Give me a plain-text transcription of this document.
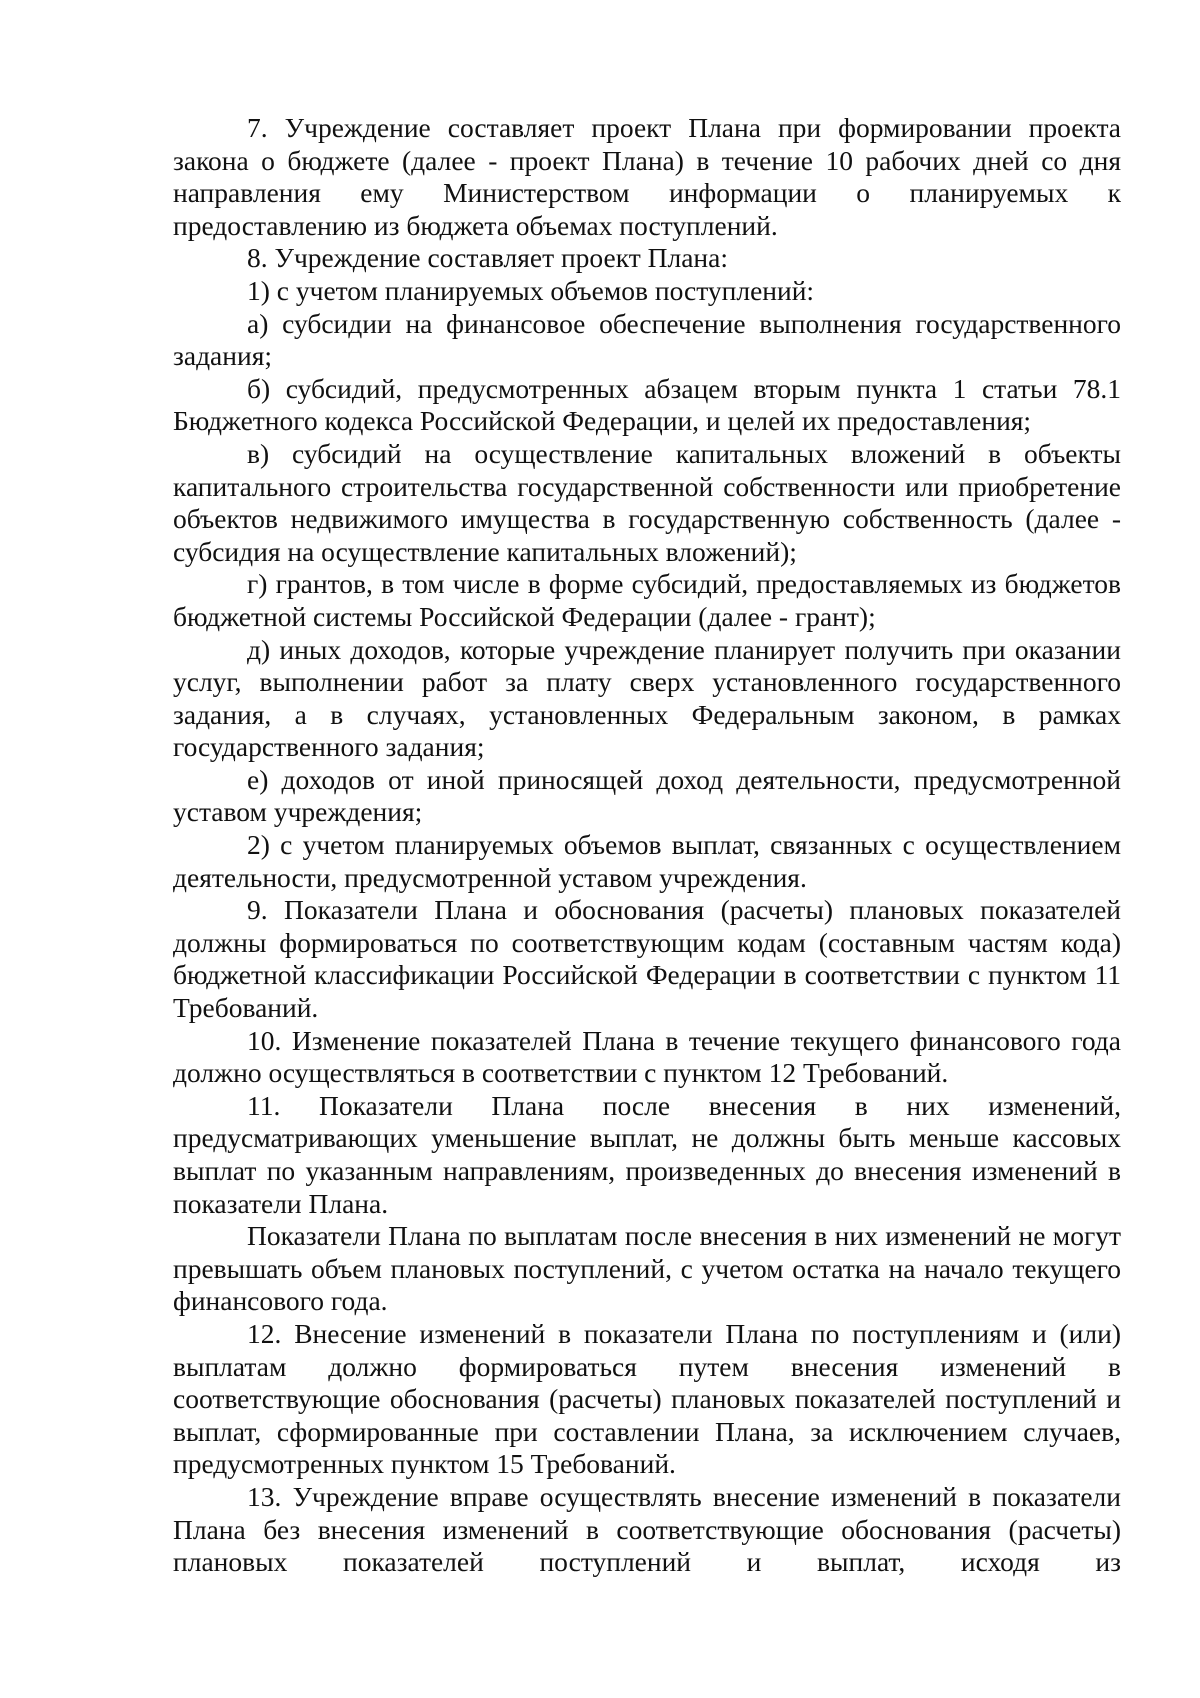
7. Учреждение составляет проект Плана при формировании проекта закона о бюджете (далее - проект Плана) в течение 10 рабочих дней со дня направления ему Министерством информации о планируемых к предоставлению из бюджета объемах поступлений.

8. Учреждение составляет проект Плана:

1) с учетом планируемых объемов поступлений:

а) субсидии на финансовое обеспечение выполнения государственного задания;

б) субсидий, предусмотренных абзацем вторым пункта 1 статьи 78.1 Бюджетного кодекса Российской Федерации, и целей их предоставления;

в) субсидий на осуществление капитальных вложений в объекты капитального строительства государственной собственности или приобретение объектов недвижимого имущества в государственную собственность (далее - субсидия на осуществление капитальных вложений);

г) грантов, в том числе в форме субсидий, предоставляемых из бюджетов бюджетной системы Российской Федерации (далее - грант);

д) иных доходов, которые учреждение планирует получить при оказании услуг, выполнении работ за плату сверх установленного государственного задания, а в случаях, установленных Федеральным законом, в рамках государственного задания;

е) доходов от иной приносящей доход деятельности, предусмотренной уставом учреждения;

2) с учетом планируемых объемов выплат, связанных с осуществлением деятельности, предусмотренной уставом учреждения.

9. Показатели Плана и обоснования (расчеты) плановых показателей должны формироваться по соответствующим кодам (составным частям кода) бюджетной классификации Российской Федерации в соответствии с пунктом 11 Требований.

10. Изменение показателей Плана в течение текущего финансового года должно осуществляться в соответствии с пунктом 12 Требований.

11. Показатели Плана после внесения в них изменений, предусматривающих уменьшение выплат, не должны быть меньше кассовых выплат по указанным направлениям, произведенных до внесения изменений в показатели Плана.

Показатели Плана по выплатам после внесения в них изменений не могут превышать объем плановых поступлений, с учетом остатка на начало текущего финансового года.

12. Внесение изменений в показатели Плана по поступлениям и (или) выплатам должно формироваться путем внесения изменений в соответствующие обоснования (расчеты) плановых показателей поступлений и выплат, сформированные при составлении Плана, за исключением случаев, предусмотренных пунктом 15 Требований.

13. Учреждение вправе осуществлять внесение изменений в показатели Плана без внесения изменений в соответствующие обоснования (расчеты) плановых показателей поступлений и выплат, исходя из
